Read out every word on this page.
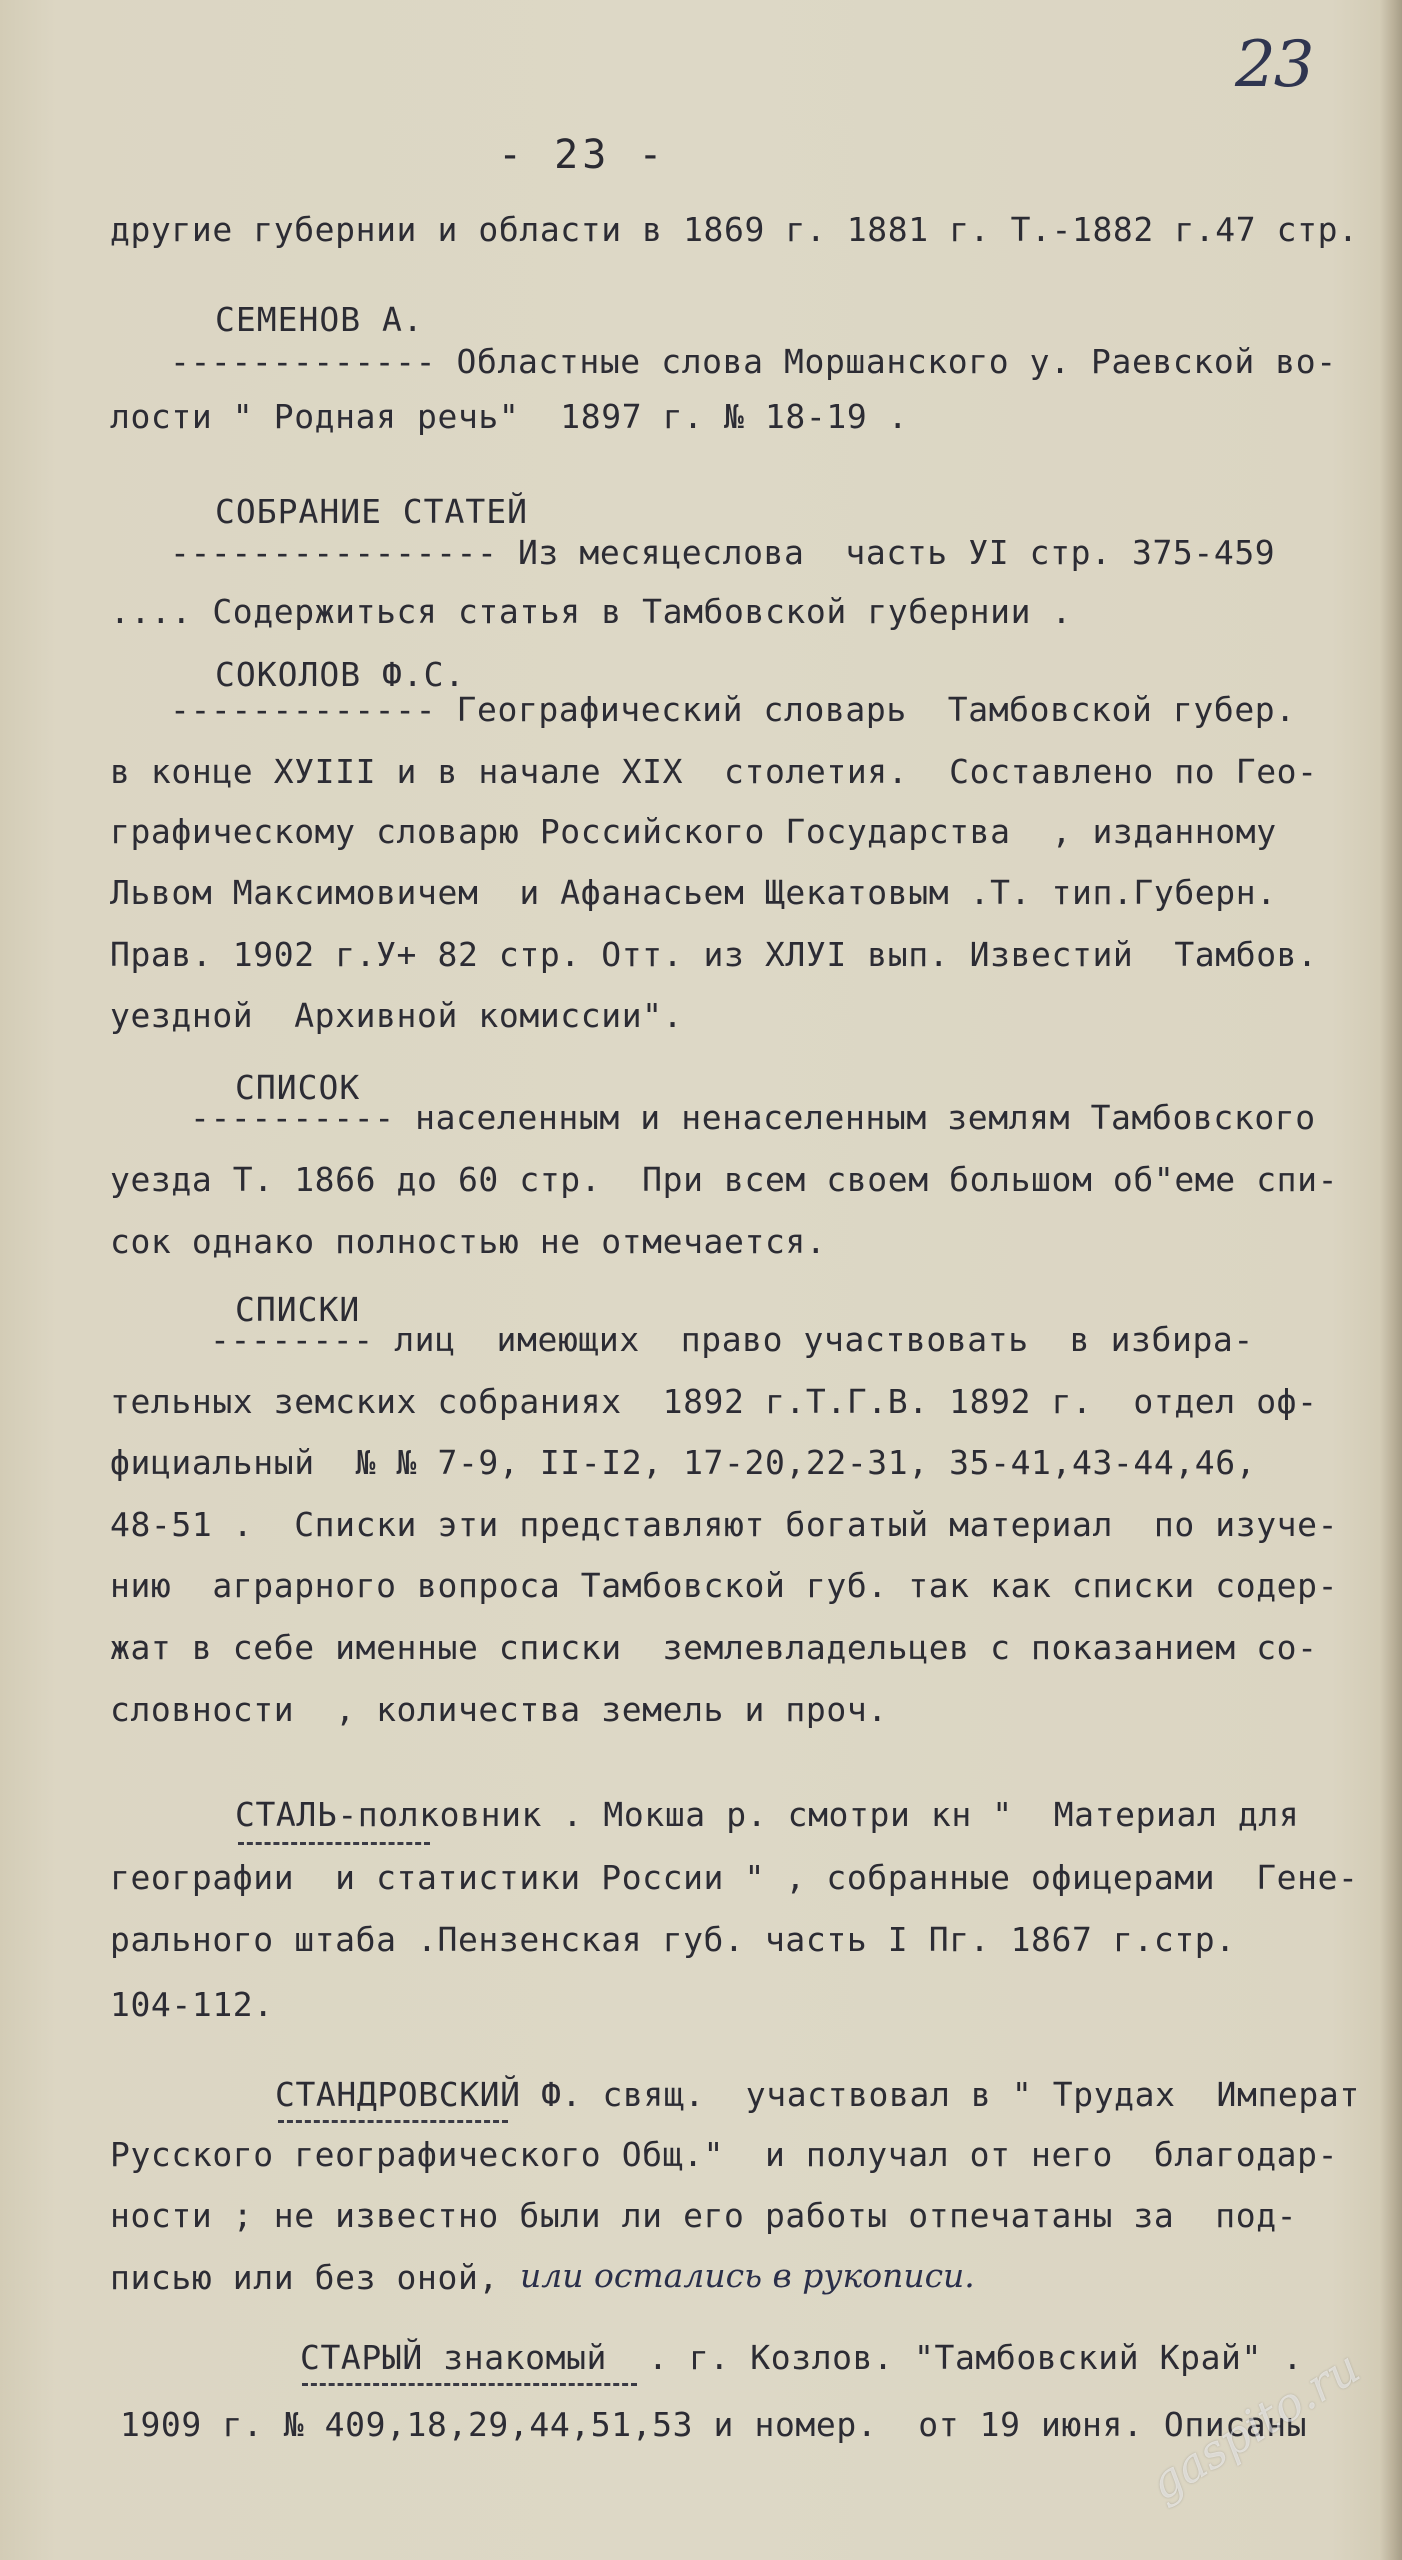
23
- 23 -
другие губернии и области в 1869 г. 1881 г. Т.-1882 г.47 стр.
СЕМЕНОВ А.
------------- Областные слова Моршанского у. Раевской во-
лости " Родная речь"  1897 г. № 18-19 .
СОБРАНИЕ СТАТЕЙ
---------------- Из месяцеслова  часть УI стр. 375-459
.... Содержиться статья в Тамбовской губернии .
СОКОЛОВ Ф.С.
------------- Географический словарь  Тамбовской губер.
в конце ХУIII и в начале XIX  столетия.  Составлено по Гео-
графическому словарю Российского Государства  , изданному
Львом Максимовичем  и Афанасьем Щекатовым .Т. тип.Губерн.
Прав. 1902 г.У+ 82 стр. Отт. из ХЛУI вып. Известий  Тамбов.
уездной  Архивной комиссии".
СПИСОК
---------- населенным и ненаселенным землям Тамбовского
уезда Т. 1866 до 60 стр.  При всем своем большом об"еме спи-
сок однако полностью не отмечается.
СПИСКИ
-------- лиц  имеющих  право участвовать  в избира-
тельных земских собраниях  1892 г.Т.Г.В. 1892 г.  отдел оф-
фициальный  № № 7-9, II-I2, 17-20,22-31, 35-41,43-44,46,
48-51 .  Списки эти представляют богатый материал  по изуче-
нию  аграрного вопроса Тамбовской губ. так как списки содер-
жат в себе именные списки  землевладельцев с показанием со-
словности  , количества земель и проч.
СТАЛЬ-полковник . Мокша р. смотри кн "  Материал для
географии  и статистики России " , собранные офицерами  Гене-
рального штаба .Пензенская губ. часть I Пг. 1867 г.стр.
104-112.
СТАНДРОВСКИЙ Ф. свящ.  участвовал в " Трудах  Императ
Русского географического Общ."  и получал от него  благодар-
ности ; не известно были ли его работы отпечатаны за  под-
писью или без оной, или остались в рукописи.
СТАРЫЙ знакомый  . г. Козлов. "Тамбовский Край" .
1909 г. № 409,18,29,44,51,53 и номер.  от 19 июня. Описаны
gaspito.ru
